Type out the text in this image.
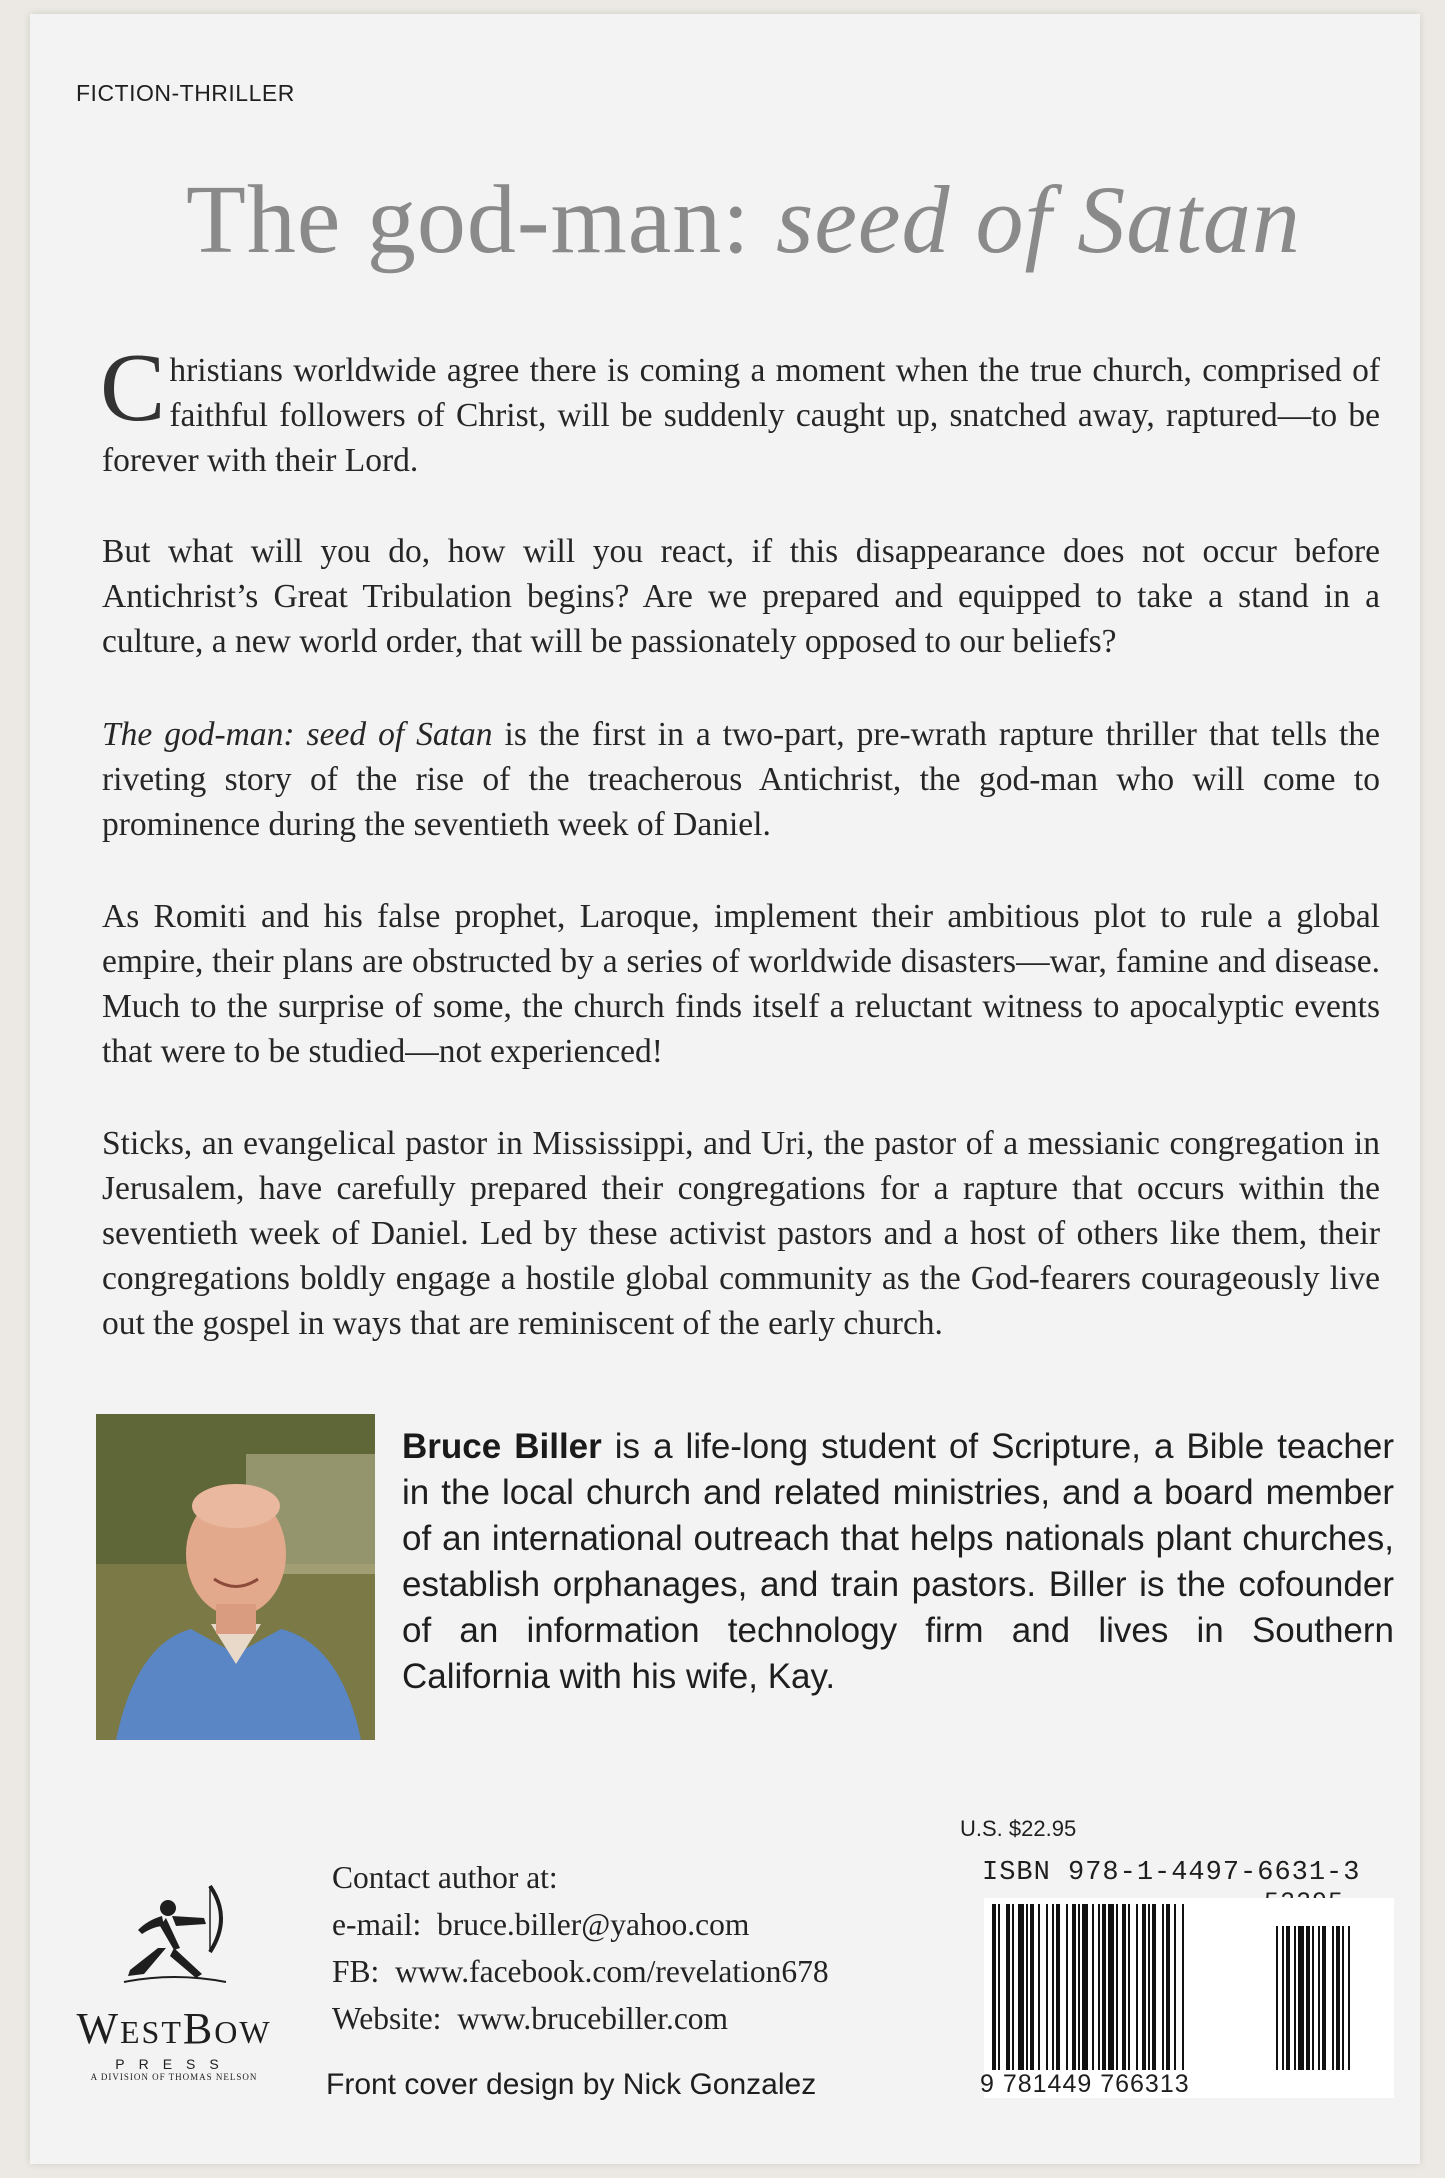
FICTION-THRILLER
The god-man: seed of Satan

Christians worldwide agree there is coming a moment when the true church, comprised of faithful followers of Christ, will be suddenly caught up, snatched away, raptured—to be forever with their Lord.

But what will you do, how will you react, if this disappearance does not occur before Antichrist’s Great Tribulation begins? Are we prepared and equipped to take a stand in a culture, a new world order, that will be passionately opposed to our beliefs?

The god-man: seed of Satan is the first in a two-part, pre-wrath rapture thriller that tells the riveting story of the rise of the treacherous Antichrist, the god-man who will come to prominence during the seventieth week of Daniel.

As Romiti and his false prophet, Laroque, implement their ambitious plot to rule a global empire, their plans are obstructed by a series of worldwide disasters—war, famine and disease. Much to the surprise of some, the church finds itself a reluctant witness to apocalyptic events that were to be studied—not experienced!

Sticks, an evangelical pastor in Mississippi, and Uri, the pastor of a messianic congregation in Jerusalem, have carefully prepared their congregations for a rapture that occurs within the seventieth week of Daniel. Led by these activist pastors and a host of others like them, their congregations boldly engage a hostile global community as the God-fearers courageously live out the gospel in ways that are reminiscent of the early church.

Bruce Biller is a life-long student of Scripture, a Bible teacher in the local church and related ministries, and a board member of an international outreach that helps nationals plant churches, establish orphanages, and train pastors. Biller is the cofounder of an information technology firm and lives in Southern California with his wife, Kay.

WESTBOW
PRESS
A DIVISION OF THOMAS NELSON
Contact author at:
e-mail: bruce.biller@yahoo.com
FB: www.facebook.com/revelation678
Website: www.brucebiller.com
Front cover design by Nick Gonzalez
U.S. $22.95
ISBN 978-1-4497-6631-3
9 781449 766313
